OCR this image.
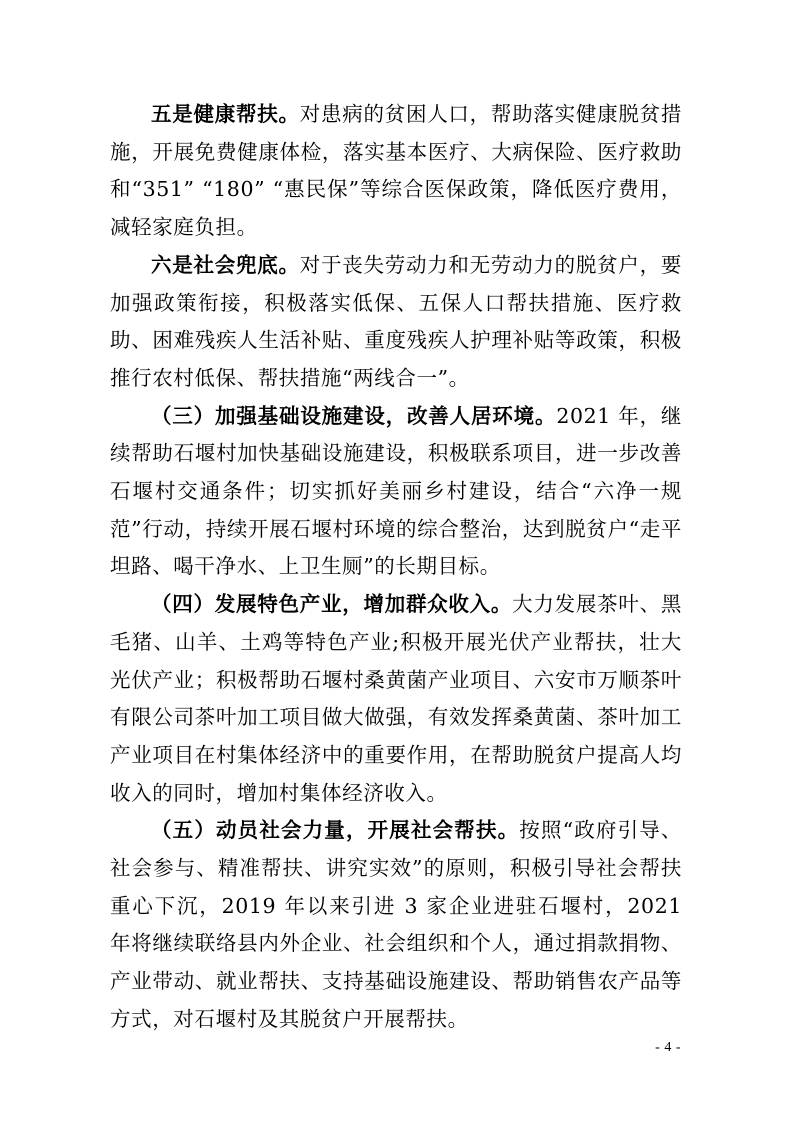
五是健康帮扶。对患病的贫困人口，帮助落实健康脱贫措施，开展免费健康体检，落实基本医疗、大病保险、医疗救助和“351” “180” “惠民保”等综合医保政策，降低医疗费用，减轻家庭负担。

六是社会兜底。对于丧失劳动力和无劳动力的脱贫户，要加强政策衔接，积极落实低保、五保人口帮扶措施、医疗救助、困难残疾人生活补贴、重度残疾人护理补贴等政策，积极推行农村低保、帮扶措施“两线合一”。

（三）加强基础设施建设，改善人居环境。2021 年，继续帮助石堰村加快基础设施建设，积极联系项目，进一步改善石堰村交通条件；切实抓好美丽乡村建设，结合“六净一规范”行动，持续开展石堰村环境的综合整治，达到脱贫户“走平坦路、喝干净水、上卫生厕”的长期目标。

（四）发展特色产业，增加群众收入。大力发展茶叶、黑毛猪、山羊、土鸡等特色产业;积极开展光伏产业帮扶，壮大光伏产业；积极帮助石堰村桑黄菌产业项目、六安市万顺茶叶有限公司茶叶加工项目做大做强，有效发挥桑黄菌、茶叶加工产业项目在村集体经济中的重要作用，在帮助脱贫户提高人均收入的同时，增加村集体经济收入。

（五）动员社会力量，开展社会帮扶。按照“政府引导、社会参与、精准帮扶、讲究实效”的原则，积极引导社会帮扶重心下沉，2019 年以来引进 3 家企业进驻石堰村，2021 年将继续联络县内外企业、社会组织和个人，通过捐款捐物、产业带动、就业帮扶、支持基础设施建设、帮助销售农产品等方式，对石堰村及其脱贫户开展帮扶。

- 4 -
